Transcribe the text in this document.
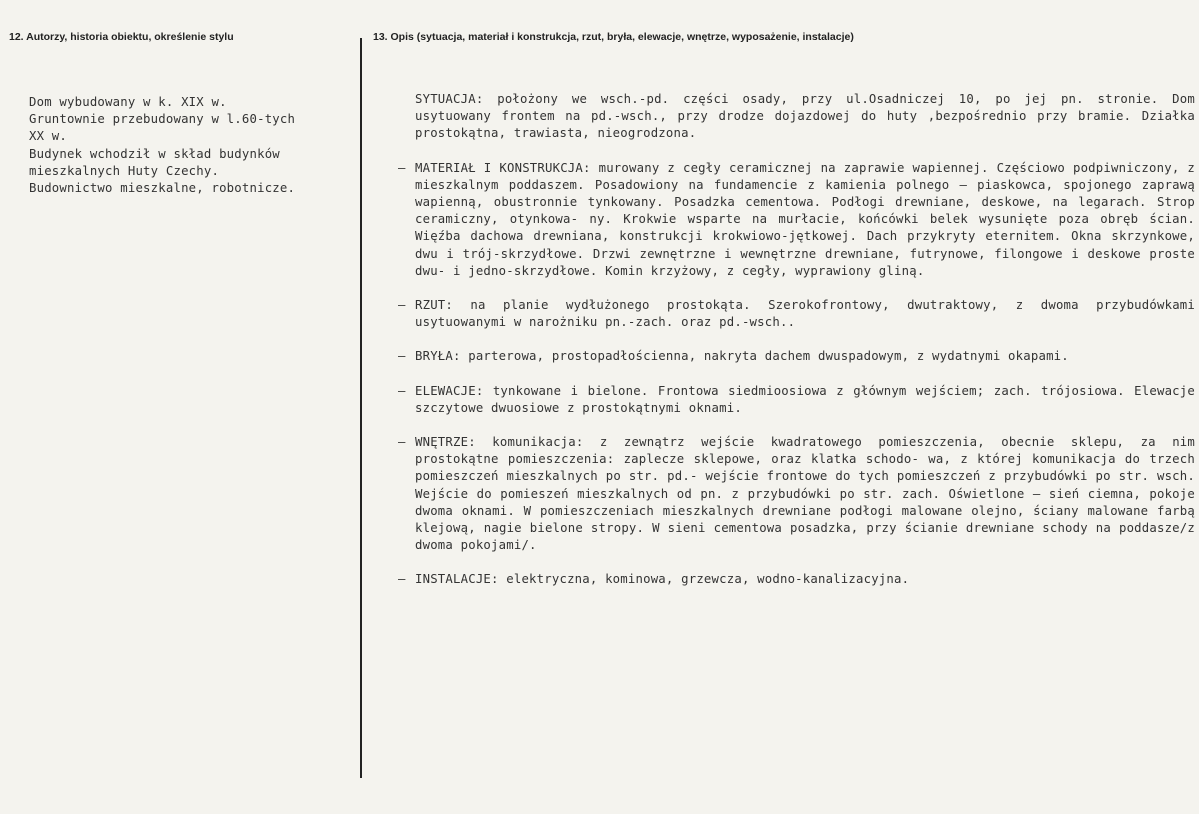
12. Autorzy, historia obiektu, określenie stylu	13. Opis (sytuacja, materiał i konstrukcja, rzut, bryła, elewacje, wnętrze, wyposażenie, instalacje)
Dom wybudowany w k. XIX w.
Gruntownie przebudowany w l.60-tych
XX w.
Budynek wchodził w skład budynków
mieszkalnych Huty Czechy.
Budownictwo mieszkalne, robotnicze.

SYTUACJA: położony we wsch.-pd. części osady, przy ul.Osadniczej 10, po jej pn. stronie. Dom usytuowany frontem na pd.-wsch., przy drodze dojazdowej do huty ,bezpośrednio przy bramie. Działka prostokątna, trawiasta, nieogrodzona.

– MATERIAŁ I KONSTRUKCJA: murowany z cegły ceramicznej na zaprawie wapiennej. Częściowo podpiwniczony, z mieszkalnym poddaszem. Posadowiony na fundamencie z kamienia polnego – piaskowca, spojonego zaprawą wapienną, obustronnie tynkowany. Posadzka cementowa. Podłogi drewniane, deskowe, na legarach. Strop ceramiczny, otynkowa- ny. Krokwie wsparte na murłacie, końcówki belek wysunięte poza obręb ścian. Więźba dachowa drewniana, konstrukcji krokwiowo-jętkowej. Dach przykryty eternitem. Okna skrzynkowe, dwu i trój-skrzydłowe. Drzwi zewnętrzne i wewnętrzne drewniane, futrynowe, filongowe i deskowe proste dwu- i jedno-skrzydłowe. Komin krzyżowy, z cegły, wyprawiony gliną.

– RZUT: na planie wydłużonego prostokąta. Szerokofrontowy, dwutraktowy, z dwoma przybudówkami usytuowanymi w narożniku pn.-zach. oraz pd.-wsch..

– BRYŁA: parterowa, prostopadłościenna, nakryta dachem dwuspadowym, z wydatnymi okapami.

– ELEWACJE: tynkowane i bielone. Frontowa siedmioosiowa z głównym wejściem; zach. trójosiowa. Elewacje szczytowe dwuosiowe z prostokątnymi oknami.

– WNĘTRZE: komunikacja: z zewnątrz wejście kwadratowego pomieszczenia, obecnie sklepu, za nim prostokątne pomieszczenia: zaplecze sklepowe, oraz klatka schodo- wa, z której komunikacja do trzech pomieszczeń mieszkalnych po str. pd.- wejście frontowe do tych pomieszczeń z przybudówki po str. wsch. Wejście do pomieszeń mieszkalnych od pn. z przybudówki po str. zach. Oświetlone – sień ciemna, pokoje dwoma oknami. W pomieszczeniach mieszkalnych drewniane podłogi malowane olejno, ściany malowane farbą klejową, nagie bielone stropy. W sieni cementowa posadzka, przy ścianie drewniane schody na poddasze/z dwoma pokojami/.

– INSTALACJE: elektryczna, kominowa, grzewcza, wodno-kanalizacyjna.
